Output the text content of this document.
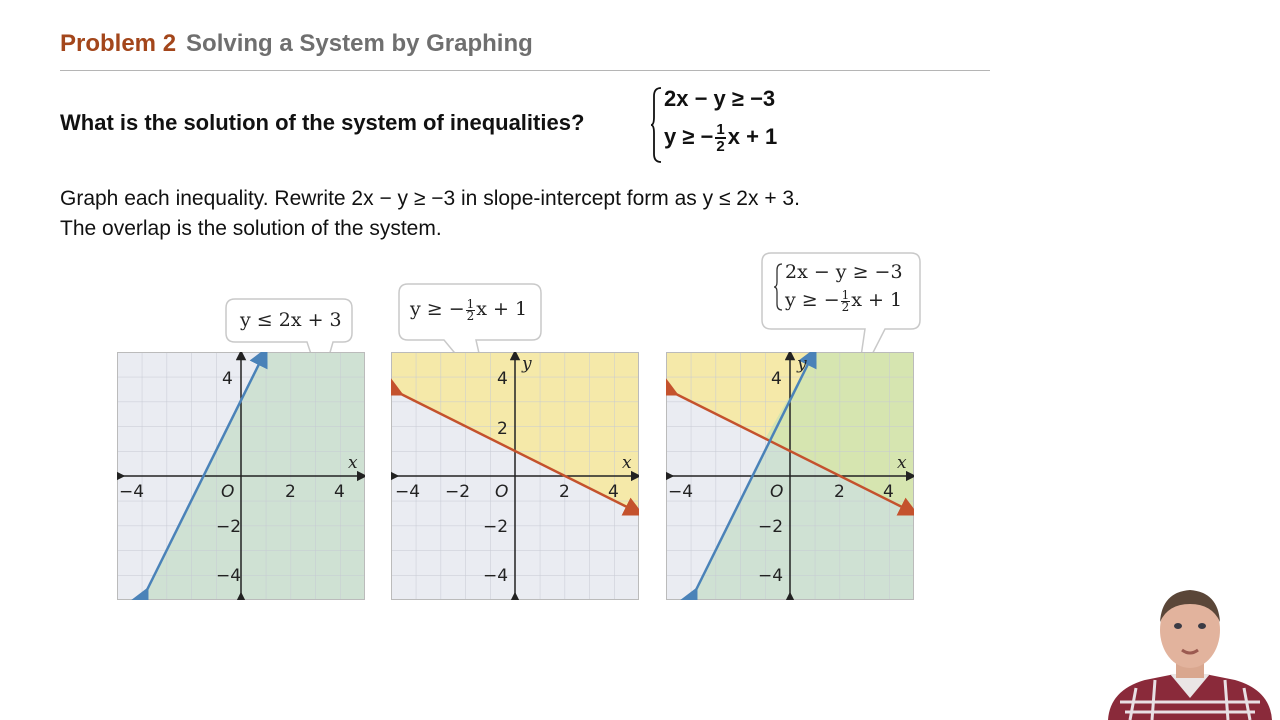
Problem 2 Solving a System by Graphing
What is the solution of the system of inequalities?
2x − y ≥ −3
y ≥ − $\frac{1}{2}$ x + 1
Graph each inequality. Rewrite 2x − y ≥ −3 in slope-intercept form as y ≤ 2x + 3.
The overlap is the solution of the system.
y ≤ 2x + 3	y ≥ − $\frac{1}{2}$ x + 1
2x − y ≥ −3
y ≥ − $\frac{1}{2}$ x + 1
x
O
−4	2 4
4
−2
−4
x
y
O
−4 −2	2 4
4
2
−2
−4
x
y
O
−4	2 4
4
−2
−4
